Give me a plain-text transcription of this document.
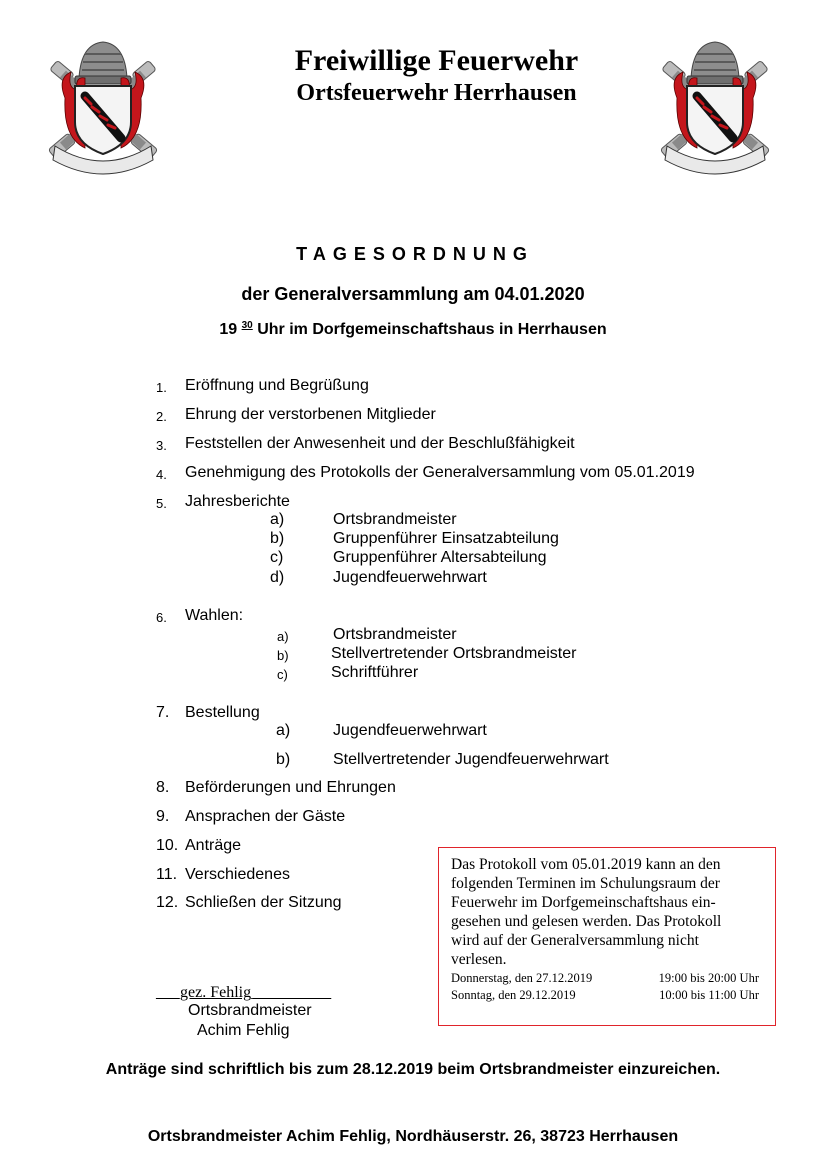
Freiwillige Feuerwehr
Ortsfeuerwehr Herrhausen
TAGESORDNUNG
der Generalversammlung am 04.01.2020
19 $^{30}$ Uhr im Dorfgemeinschaftshaus in Herrhausen
1. Eröffnung und Begrüßung
2. Ehrung der verstorbenen Mitglieder
3. Feststellen der Anwesenheit und der Beschlußfähigkeit
4. Genehmigung des Protokolls der Generalversammlung vom 05.01.2019
5. Jahresberichte
a)	Ortsbrandmeister
b)	Gruppenführer Einsatzabteilung
c)	Gruppenführer Altersabteilung
d)	Jugendfeuerwehrwart
6. Wahlen:
a)	Ortsbrandmeister
b)	Stellvertretender Ortsbrandmeister
c)	Schriftführer
7. Bestellung
a)	Jugendfeuerwehrwart
b)	Stellvertretender Jugendfeuerwehrwart
8. Beförderungen und Ehrungen
9. Ansprachen der Gäste
10. Anträge
11. Verschiedenes
12. Schließen der Sitzung
___gez. Fehlig__________
Ortsbrandmeister
Achim Fehlig
Das Protokoll vom 05.01.2019 kann an den
folgenden Terminen im Schulungsraum der
Feuerwehr im Dorfgemeinschaftshaus ein-
gesehen und gelesen werden. Das Protokoll
wird auf der Generalversammlung nicht
verlesen.
Donnerstag, den 27.12.2019	19:00 bis 20:00 Uhr
Sonntag, den 29.12.2019	10:00 bis 11:00 Uhr
Anträge sind schriftlich bis zum 28.12.2019 beim Ortsbrandmeister einzureichen.
Ortsbrandmeister Achim Fehlig, Nordhäuserstr. 26, 38723 Herrhausen
